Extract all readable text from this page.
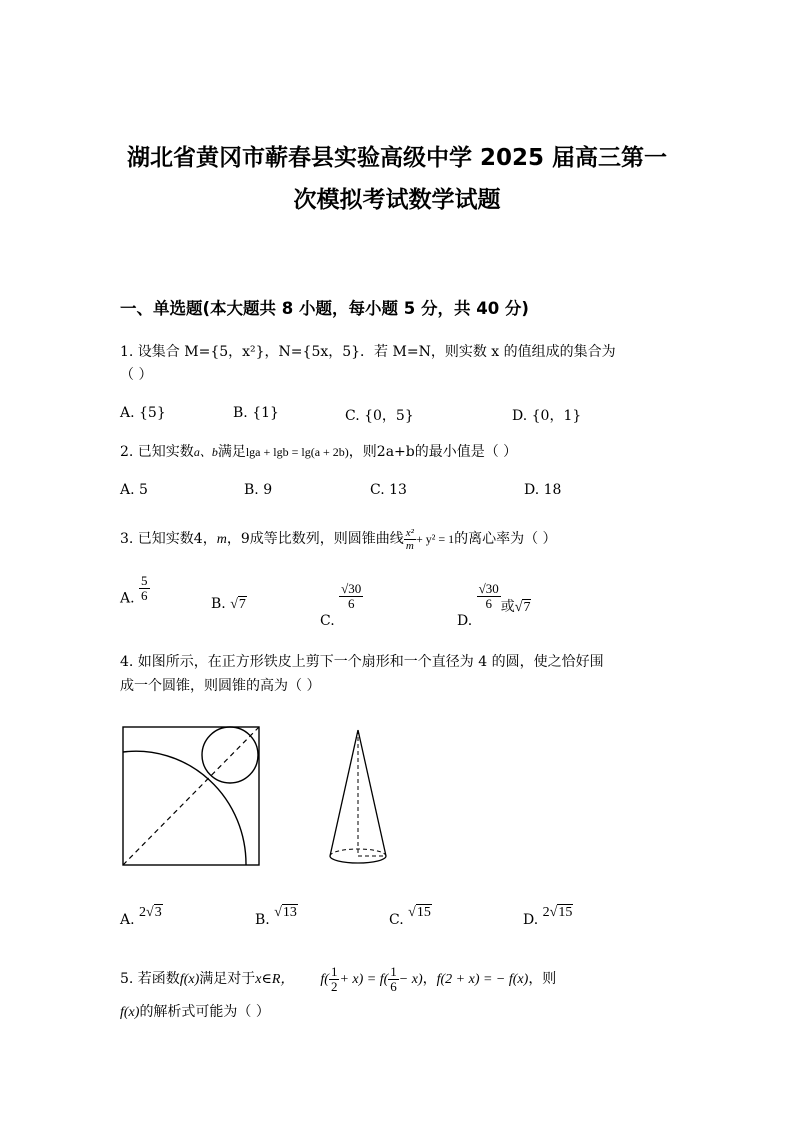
湖北省黄冈市蕲春县实验高级中学 2025 届高三第一
次模拟考试数学试题
一、单选题(本大题共 8 小题，每小题 5 分，共 40 分)
1. 设集合 M={5，x²}，N={5x，5}．若 M=N，则实数 x 的值组成的集合为
（ ）
A. {5}	B. {1}	C. {0，5}	D. {0，1}
2. 已知实数a、b满足lga + lgb = lg(a + 2b)，则2a+b的最小值是（ ）
A. 5	B. 9	C. 13	D. 18
3. 已知实数4，m，9成等比数列，则圆锥曲线 $\frac{\text{x²}}{m} + y^2 = 1$的离心率为（ ）
A. $\frac{5}{6}$
B. √7
C.
$\frac{√30}{6}$
D.
$\frac{√30}{6}$ 或√7
4. 如图所示，在正方形铁皮上剪下一个扇形和一个直径为 4 的圆，使之恰好围
成一个圆锥，则圆锥的高为（ ）
A. 2√3	B. √13	C. √15	D. 2√15
5. 若函数f(x)满足对于x∈R， $f( \frac{1}{2} + x) = f( \frac{1}{6} - x)$，f(2 + x) = − f(x)，则
f(x)的解析式可能为（ ）
